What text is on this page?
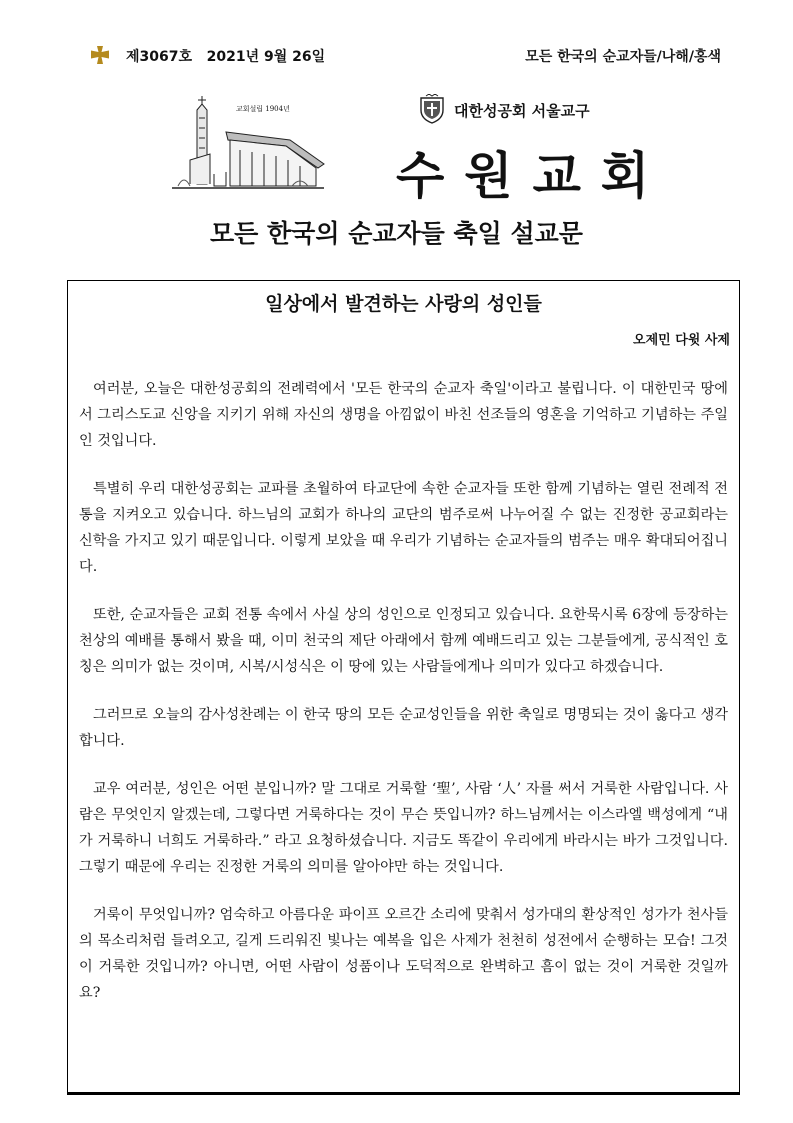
제3067호   2021년 9월 26일	모든 한국의 순교자들/나해/홍색
교회설립 1904년	대한성공회 서울교구
수원교회
모든 한국의 순교자들 축일 설교문
일상에서 발견하는 사랑의 성인들
오제민 다윗 사제

여러분, 오늘은 대한성공회의 전례력에서 '모든 한국의 순교자 축일'이라고 불립니다. 이 대한민국 땅에서 그리스도교 신앙을 지키기 위해 자신의 생명을 아낌없이 바친 선조들의 영혼을 기억하고 기념하는 주일인 것입니다.

특별히 우리 대한성공회는 교파를 초월하여 타교단에 속한 순교자들 또한 함께 기념하는 열린 전례적 전통을 지켜오고 있습니다. 하느님의 교회가 하나의 교단의 범주로써 나누어질 수 없는 진정한 공교회라는 신학을 가지고 있기 때문입니다. 이렇게 보았을 때 우리가 기념하는 순교자들의 범주는 매우 확대되어집니다.

또한, 순교자들은 교회 전통 속에서 사실 상의 성인으로 인정되고 있습니다. 요한묵시록 6장에 등장하는 천상의 예배를 통해서 봤을 때, 이미 천국의 제단 아래에서 함께 예배드리고 있는 그분들에게, 공식적인 호칭은 의미가 없는 것이며, 시복/시성식은 이 땅에 있는 사람들에게나 의미가 있다고 하겠습니다.

그러므로 오늘의 감사성찬례는 이 한국 땅의 모든 순교성인들을 위한 축일로 명명되는 것이 옳다고 생각합니다.

교우 여러분, 성인은 어떤 분입니까? 말 그대로 거룩할 ‘聖’, 사람 ‘人’ 자를 써서 거룩한 사람입니다. 사람은 무엇인지 알겠는데, 그렇다면 거룩하다는 것이 무슨 뜻입니까? 하느님께서는 이스라엘 백성에게 “내가 거룩하니 너희도 거룩하라.” 라고 요청하셨습니다. 지금도 똑같이 우리에게 바라시는 바가 그것입니다. 그렇기 때문에 우리는 진정한 거룩의 의미를 알아야만 하는 것입니다.

거룩이 무엇입니까? 엄숙하고 아름다운 파이프 오르간 소리에 맞춰서 성가대의 환상적인 성가가 천사들의 목소리처럼 들려오고, 길게 드리워진 빛나는 예복을 입은 사제가 천천히 성전에서 순행하는 모습! 그것이 거룩한 것입니까? 아니면, 어떤 사람이 성품이나 도덕적으로 완벽하고 흠이 없는 것이 거룩한 것일까요?
